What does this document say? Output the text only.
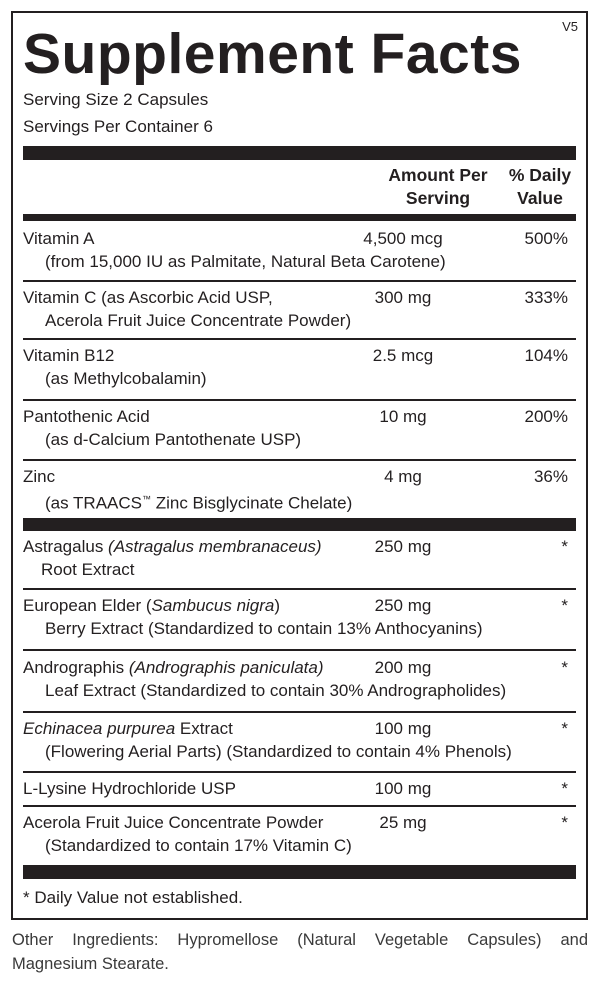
Supplement Facts	V5
Serving Size 2 Capsules
Servings Per Container 6
Amount Per
Serving
% Daily
Value
Vitamin A
(from 15,000 IU as Palmitate, Natural Beta Carotene)
4,500 mcg	500%
Vitamin C (as Ascorbic Acid USP,
Acerola Fruit Juice Concentrate Powder)
300 mg	333%
Vitamin B12
(as Methylcobalamin)
2.5 mcg	104%
Pantothenic Acid
(as d-Calcium Pantothenate USP)
10 mg	200%
Zinc
(as TRAACS™ Zinc Bisglycinate Chelate)
4 mg	36%
Astragalus (Astragalus membranaceus)
Root Extract
250 mg	*
European Elder (Sambucus nigra)
Berry Extract (Standardized to contain 13% Anthocyanins)
250 mg	*
Andrographis (Andrographis paniculata)
Leaf Extract (Standardized to contain 30% Andrographolides)
200 mg	*
Echinacea purpurea Extract
(Flowering Aerial Parts) (Standardized to contain 4% Phenols)
100 mg	*
L-Lysine Hydrochloride USP	100 mg	*
Acerola Fruit Juice Concentrate Powder
(Standardized to contain 17% Vitamin C)
25 mg	*
* Daily Value not established.
Other Ingredients: Hypromellose (Natural Vegetable Capsules) and Magnesium Stearate.
